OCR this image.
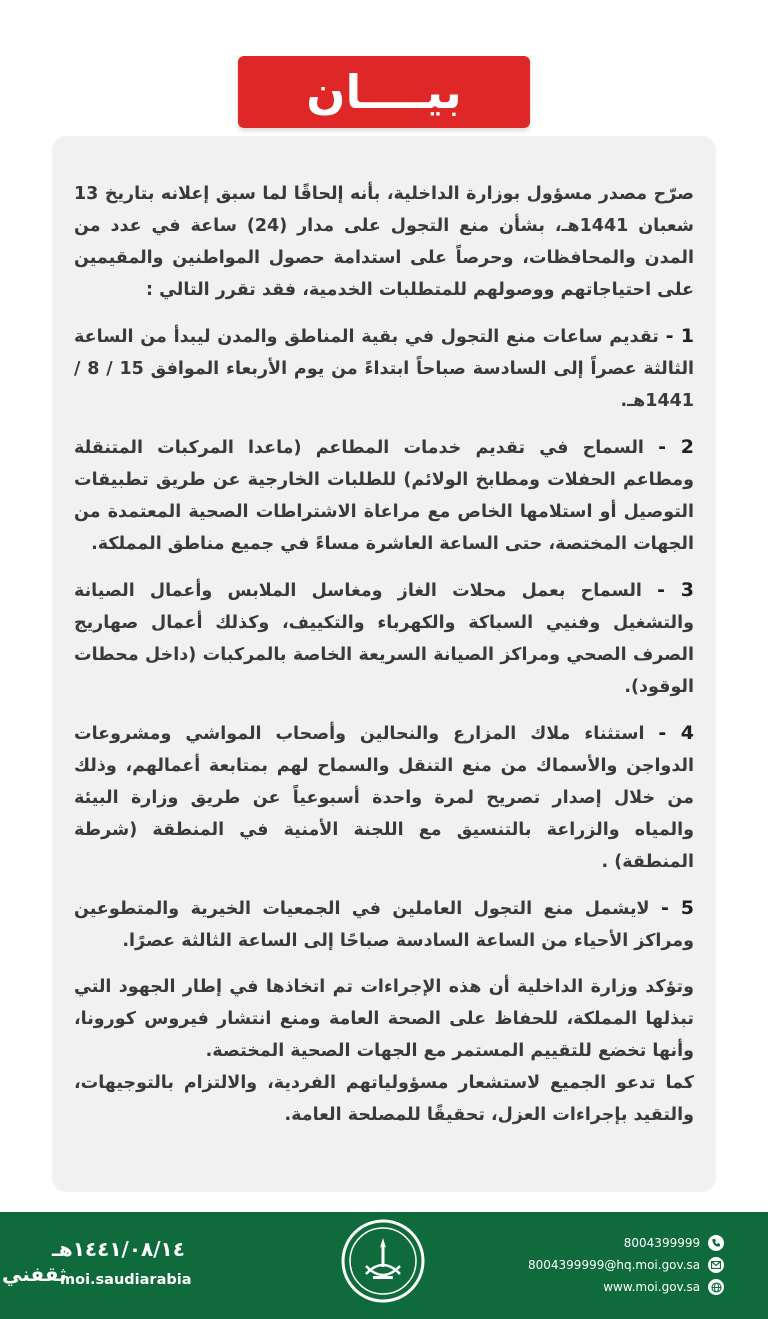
بيــــان

صرّح مصدر مسؤول بوزارة الداخلية، بأنه إلحاقًا لما سبق إعلانه بتاريخ 13 شعبان 1441هـ، بشأن منع التجول على مدار (24) ساعة في عدد من المدن والمحافظات، وحرصاً على استدامة حصول المواطنين والمقيمين على احتياجاتهم ووصولهم للمتطلبات الخدمية، فقد تقرر التالي :

1 - تقديم ساعات منع التجول في بقية المناطق والمدن ليبدأ من الساعة الثالثة عصراً إلى السادسة صباحاً ابتداءً من يوم الأربعاء الموافق 15 / 8 / 1441هـ.

2 - السماح في تقديم خدمات المطاعم (ماعدا المركبات المتنقلة ومطاعم الحفلات ومطابخ الولائم) للطلبات الخارجية عن طريق تطبيقات التوصيل أو استلامها الخاص مع مراعاة الاشتراطات الصحية المعتمدة من الجهات المختصة، حتى الساعة العاشرة مساءً في جميع مناطق المملكة.

3 - السماح بعمل محلات الغاز ومغاسل الملابس وأعمال الصيانة والتشغيل وفنيي السباكة والكهرباء والتكييف، وكذلك أعمال صهاريج الصرف الصحي ومراكز الصيانة السريعة الخاصة بالمركبات (داخل محطات الوقود).

4 - استثناء ملاك المزارع والنحالين وأصحاب المواشي ومشروعات الدواجن والأسماك من منع التنقل والسماح لهم بمتابعة أعمالهم، وذلك من خلال إصدار تصريح لمرة واحدة أسبوعياً عن طريق وزارة البيئة والمياه والزراعة بالتنسيق مع اللجنة الأمنية في المنطقة (شرطة المنطقة) .

5 - لايشمل منع التجول العاملين في الجمعيات الخيرية والمتطوعين ومراكز الأحياء من الساعة السادسة صباحًا إلى الساعة الثالثة عصرًا.

وتؤكد وزارة الداخلية أن هذه الإجراءات تم اتخاذها في إطار الجهود التي تبذلها المملكة، للحفاظ على الصحة العامة ومنع انتشار فيروس كورونا، وأنها تخضع للتقييم المستمر مع الجهات الصحية المختصة.

كما تدعو الجميع لاستشعار مسؤولياتهم الفردية، والالتزام بالتوجيهات، والتقيد بإجراءات العزل، تحقيقًا للمصلحة العامة.

١٤٤١/٠٨/١٤هـ
ثقفني
moi.saudiarabia
8004399999
8004399999@hq.moi.gov.sa
www.moi.gov.sa
